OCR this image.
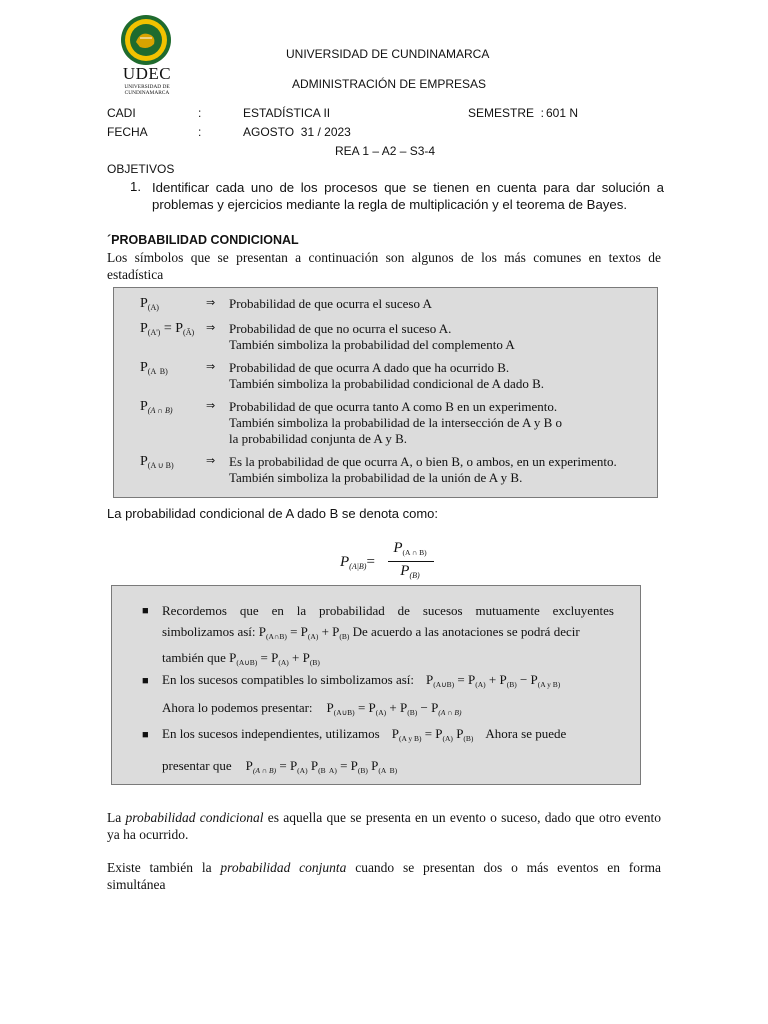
UDEC
UNIVERSIDAD DE CUNDINAMARCA
UNIVERSIDAD DE CUNDINAMARCA
ADMINISTRACIÓN DE EMPRESAS
CADI	:	ESTADÍSTICA II	SEMESTRE  : 601 N
FECHA	:	AGOSTO  31 / 2023
REA 1 – A2 – S3-4
OBJETIVOS
1. Identificar cada uno de los procesos que se tienen en cuenta para dar solución a
problemas y ejercicios mediante la regla de multiplicación y el teorema de Bayes.
´PROBABILIDAD CONDICIONAL
Los símbolos que se presentan a continuación son algunos de los más comunes en textos de
estadística
$P_{(A)}$	⇒ Probabilidad de que ocurra el suceso A
$P_{(A')} = P_{(Ā)}$ ⇒ Probabilidad de que no ocurra el suceso A.
También simboliza la probabilidad del complemento A
$P_{(A B)}$	⇒ Probabilidad de que ocurra A dado que ha ocurrido B.
También simboliza la probabilidad condicional de A dado B.
$P_{(A \cap B)}$	⇒ Probabilidad de que ocurra tanto A como B en un experimento.
También simboliza la probabilidad de la intersección de A y B o
la probabilidad conjunta de A y B.
$P_{(A \cup B)}$	⇒ Es la probabilidad de que ocurra A, o bien B, o ambos, en un experimento.
También simboliza la probabilidad de la unión de A y B.
La probabilidad condicional de A dado B se denota como:
$P_{(A|B)}=$
$P_{(A \cap B)}$
$P_{(B)}$
■ Recordemos que en la probabilidad de sucesos mutuamente excluyentes
simbolizamos así: $P_{(A\cap B)} = P_{(A)} + P_{(B)}$ De acuerdo a las anotaciones se podrá decir
también que $P_{(A\cup B)} = P_{(A)} + P_{(B)}$
■ En los sucesos compatibles lo simbolizamos así: $P_{(A\cup B)} = P_{(A)} + P_{(B)} - P_{(A y B)}$
Ahora lo podemos presentar: $P_{(A\cup B)} = P_{(A)} + P_{(B)} - P_{(A \cap B)}$
■ En los sucesos independientes, utilizamos $P_{(A y B)} = P_{(A)}$ $P_{(B)}$ Ahora se puede
presentar que $P_{(A \cap B)} = P_{(A)}$ $P_{(B A)} = P_{(B)}$ $P_{(A B)}$
La probabilidad condicional es aquella que se presenta en un evento o suceso, dado que otro evento
ya ha ocurrido.
Existe también la probabilidad conjunta cuando se presentan dos o más eventos en forma
simultánea
